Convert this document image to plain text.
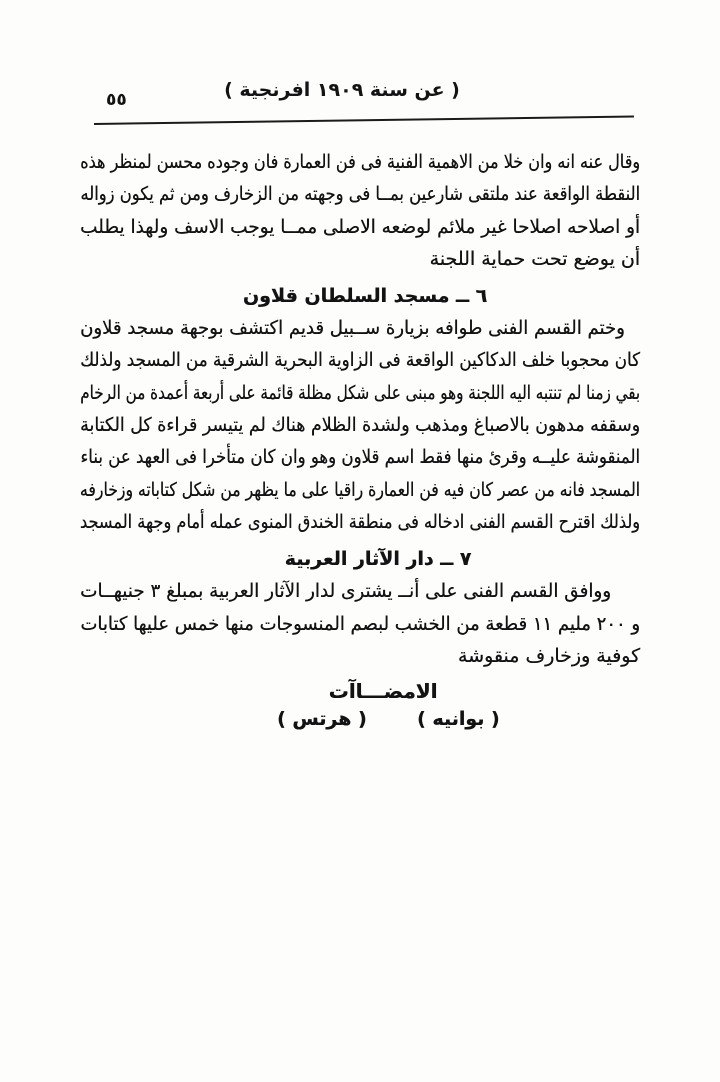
٥٥	( عن سنة ١٩٠٩ افرنجية )
وقال عنه انه وان خلا من الاهمية الفنية فى فن العمارة فان وجوده محسن لمنظر هذه
النقطة الواقعة عند ملتقى شارعين بمــا فى وجهته من الزخارف ومن ثم يكون زواله
أو اصلاحه اصلاحا غير ملائم لوضعه الاصلى ممــا يوجب الاسف ولهذا يطلب
أن يوضع تحت حماية اللجنة
٦ ــ مسجد السلطان قلاون
وختم القسم الفنى طوافه بزيارة ســبيل قديم اكتشف بوجهة مسجد قلاون
كان محجوبا خلف الدكاكين الواقعة فى الزاوية البحرية الشرقية من المسجد ولذلك
بقي زمنا لم تنتبه اليه اللجنة وهو مبنى على شكل مظلة قائمة على أربعة أعمدة من الرخام
وسقفه مدهون بالاصباغ ومذهب ولشدة الظلام هناك لم يتيسر قراءة كل الكتابة
المنقوشة عليــه وقرئ منها فقط اسم قلاون وهو وان كان متأخرا فى العهد عن بناء
المسجد فانه من عصر كان فيه فن العمارة راقيا على ما يظهر من شكل كتاباته وزخارفه
ولذلك اقترح القسم الفنى ادخاله فى منطقة الخندق المنوى عمله أمام وجهة المسجد
٧ ــ دار الآثار العربية
ووافق القسم الفنى على أنــ يشترى لدار الآثار العربية بمبلغ ٣ جنيهــات
و ٢٠٠ مليم ١١ قطعة من الخشب لبصم المنسوجات منها خمس عليها كتابات
كوفية وزخارف منقوشة
الامضـــاآت
( بوانيه )
( هرتس )
